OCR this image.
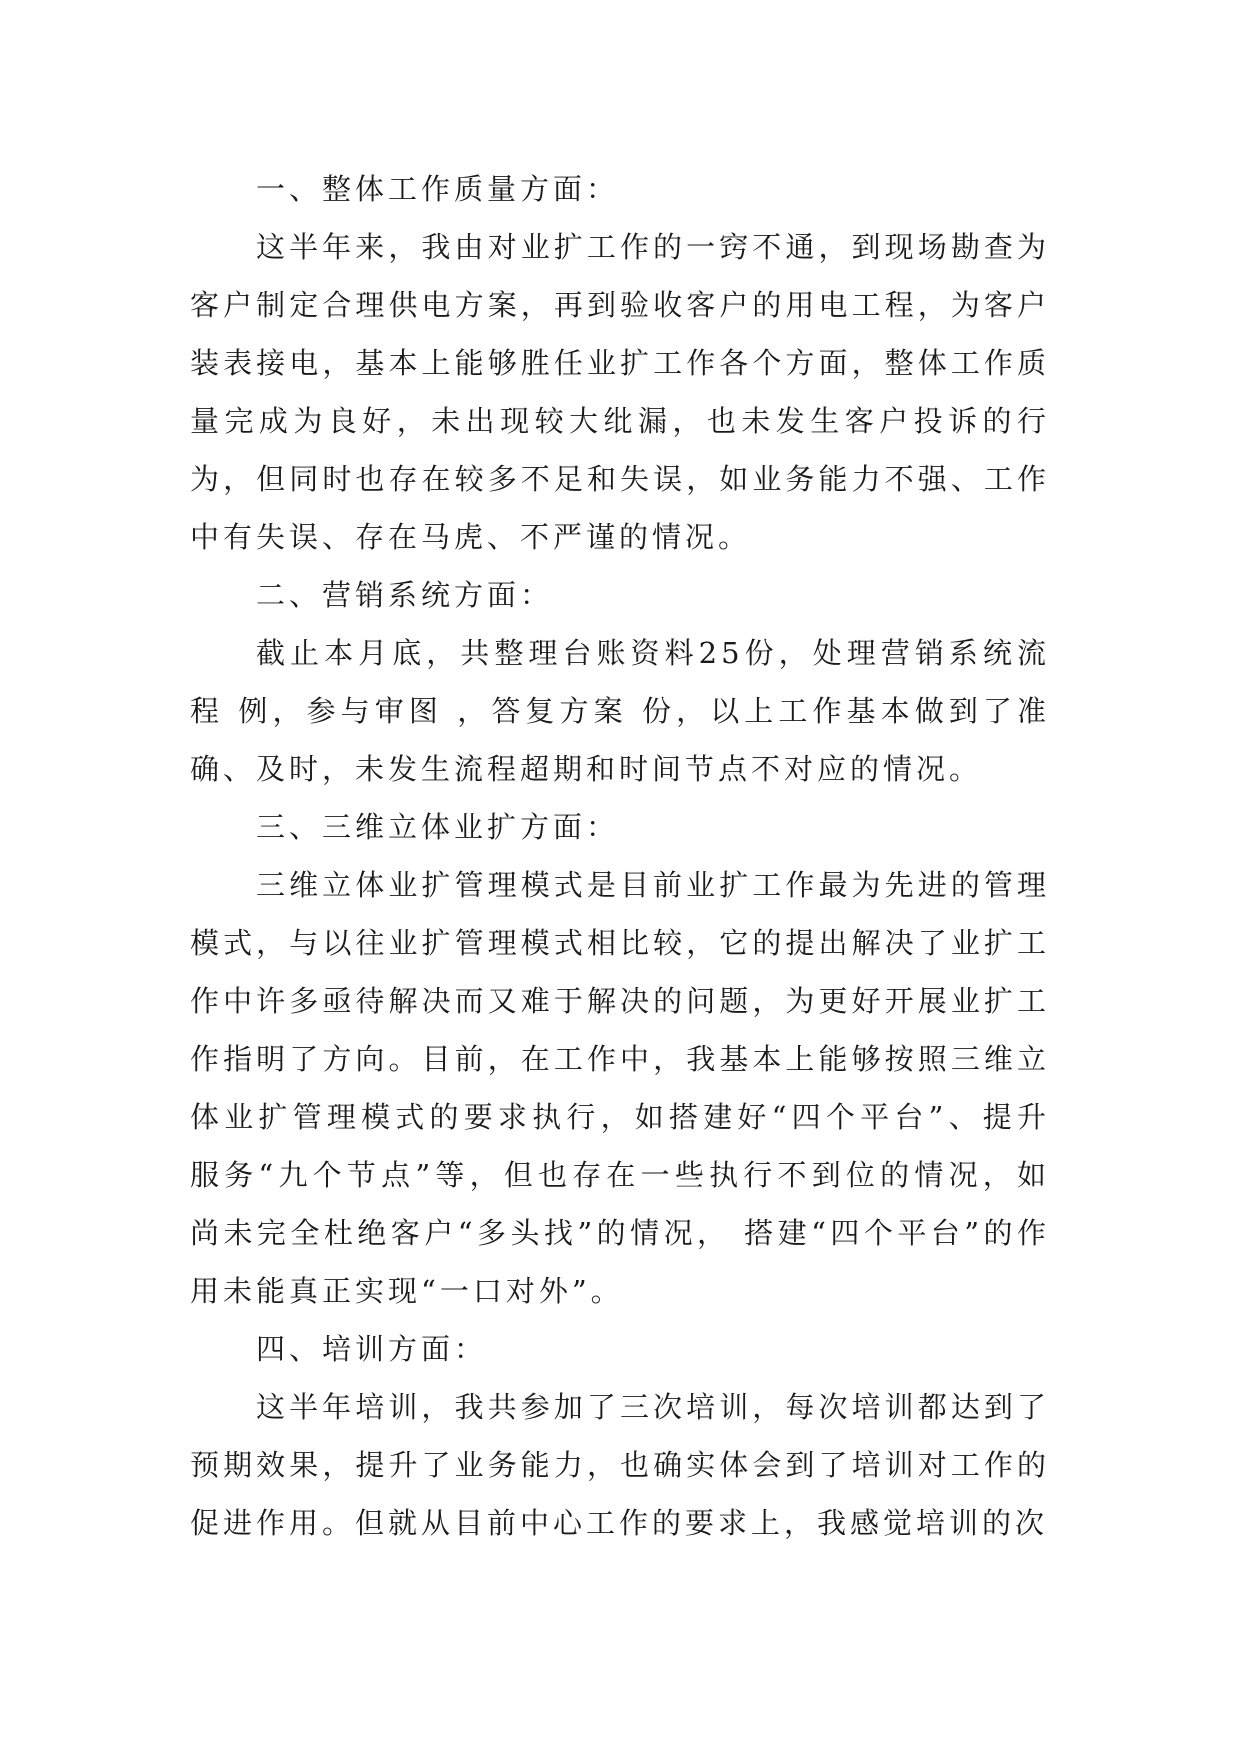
一、整体工作质量方面：

这半年来，我由对业扩工作的一窍不通，到现场勘查为客户制定合理供电方案，再到验收客户的用电工程，为客户装表接电，基本上能够胜任业扩工作各个方面，整体工作质量完成为良好，未出现较大纰漏，也未发生客户投诉的行为，但同时也存在较多不足和失误，如业务能力不强、工作中有失误、存在马虎、不严谨的情况。

二、营销系统方面：

截止本月底，共整理台账资料25份，处理营销系统流程 例，参与审图 ，答复方案 份，以上工作基本做到了准确、及时，未发生流程超期和时间节点不对应的情况。

三、三维立体业扩方面：

三维立体业扩管理模式是目前业扩工作最为先进的管理模式，与以往业扩管理模式相比较，它的提出解决了业扩工作中许多亟待解决而又难于解决的问题，为更好开展业扩工作指明了方向。目前，在工作中，我基本上能够按照三维立体业扩管理模式的要求执行，如搭建好“四个平台”、提升服务“九个节点”等，但也存在一些执行不到位的情况，如尚未完全杜绝客户“多头找”的情况， 搭建“四个平台”的作用未能真正实现“一口对外”。

四、培训方面：

这半年培训，我共参加了三次培训，每次培训都达到了预期效果，提升了业务能力，也确实体会到了培训对工作的促进作用。但就从目前中心工作的要求上，我感觉培训的次
